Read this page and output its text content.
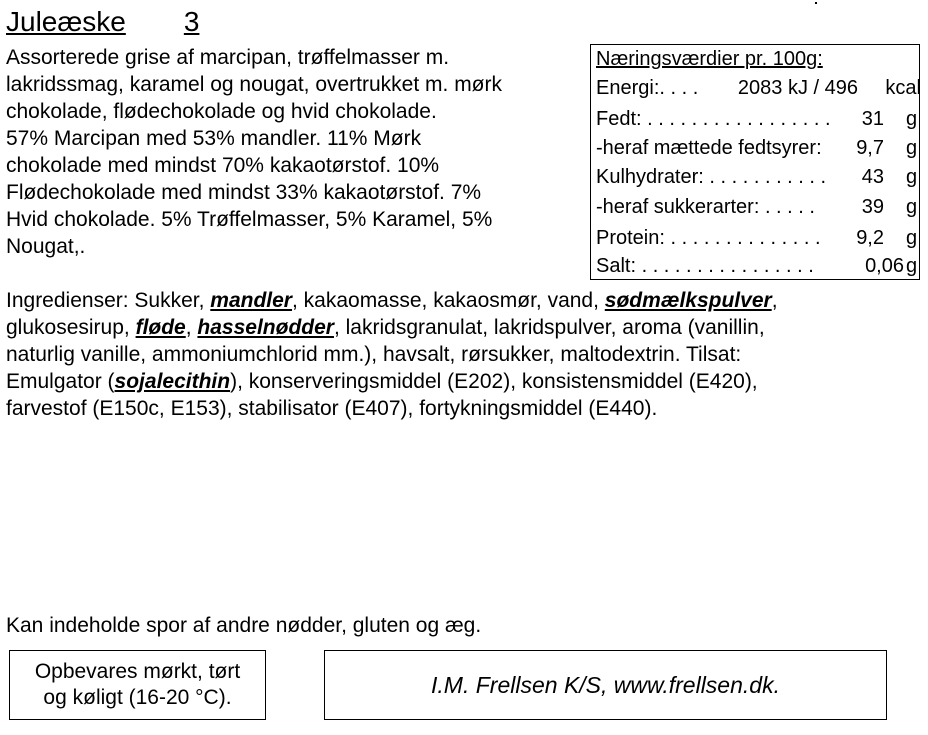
Juleæske 3
Assorterede grise af marcipan, trøffelmasser m.
lakridssmag, karamel og nougat, overtrukket m. mørk
chokolade, flødechokolade og hvid chokolade.
57% Marcipan med 53% mandler. 11% Mørk
chokolade med mindst 70% kakaotørstof. 10%
Flødechokolade med mindst 33% kakaotørstof. 7%
Hvid chokolade. 5% Trøffelmasser, 5% Karamel, 5%
Nougat,.
Næringsværdier pr. 100g:
Energi:. . . . 2083 kJ / 496 kcal
Fedt: . . . . . . . . . . . . . . . . . 31 g
-heraf mættede fedtsyrer: 9,7 g
Kulhydrater: . . . . . . . . . . . 43 g
-heraf sukkerarter: . . . . . 39 g
Protein: . . . . . . . . . . . . . . 9,2 g
Salt: . . . . . . . . . . . . . . . .	0,06 g
Ingredienser: Sukker, mandler, kakaomasse, kakaosmør, vand, sødmælkspulver,
glukosesirup, fløde, hasselnødder, lakridsgranulat, lakridspulver, aroma (vanillin,
naturlig vanille, ammoniumchlorid mm.), havsalt, rørsukker, maltodextrin. Tilsat:
Emulgator (sojalecithin), konserveringsmiddel (E202), konsistensmiddel (E420),
farvestof (E150c, E153), stabilisator (E407), fortykningsmiddel (E440).
Kan indeholde spor af andre nødder, gluten og æg.
Opbevares mørkt, tørt
og køligt (16-20 °C).	I.M. Frellsen K/S, www.frellsen.dk.
